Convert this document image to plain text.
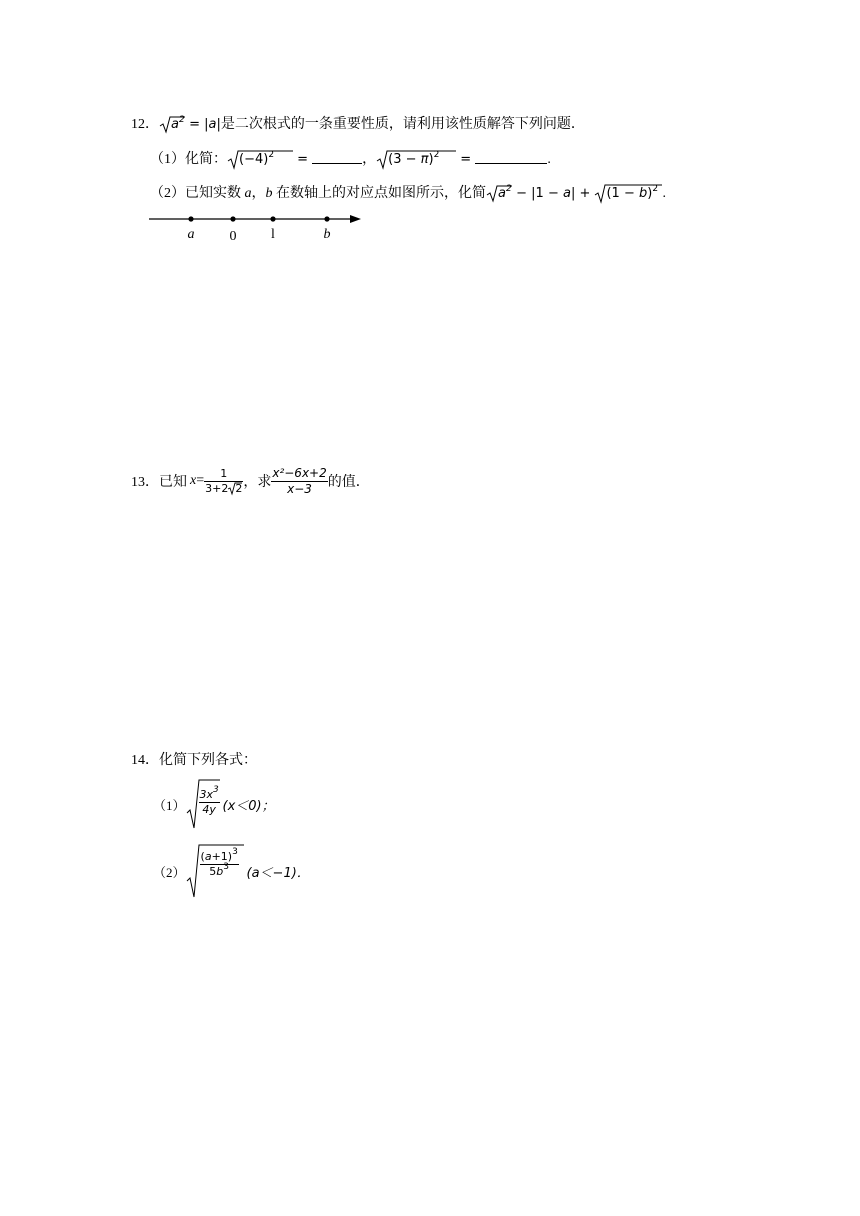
12． $a^2 = |a|$是二次根式的一条重要性质，请利用该性质解答下列问题．
（1）化简： $(-4)^2$ =	， $(3 - \pi)^2$ =	.
（2）已知实数 a，b 在数轴上的对应点如图所示，化简 $a^2 - |1 - a| + (1 - b)^2$ .
a	0 l	b
13． 已知 $x = \frac{1}{3+2 2}$ ，求 $\frac{\text{x²−6x+2}}{x-3}$ 的值．
14．化简下列各式：
$(1) \frac{3x^3}{4y} (x<0)$；
$(2) \frac{(a+1)^3}{5b^3} (a<-1)$．
